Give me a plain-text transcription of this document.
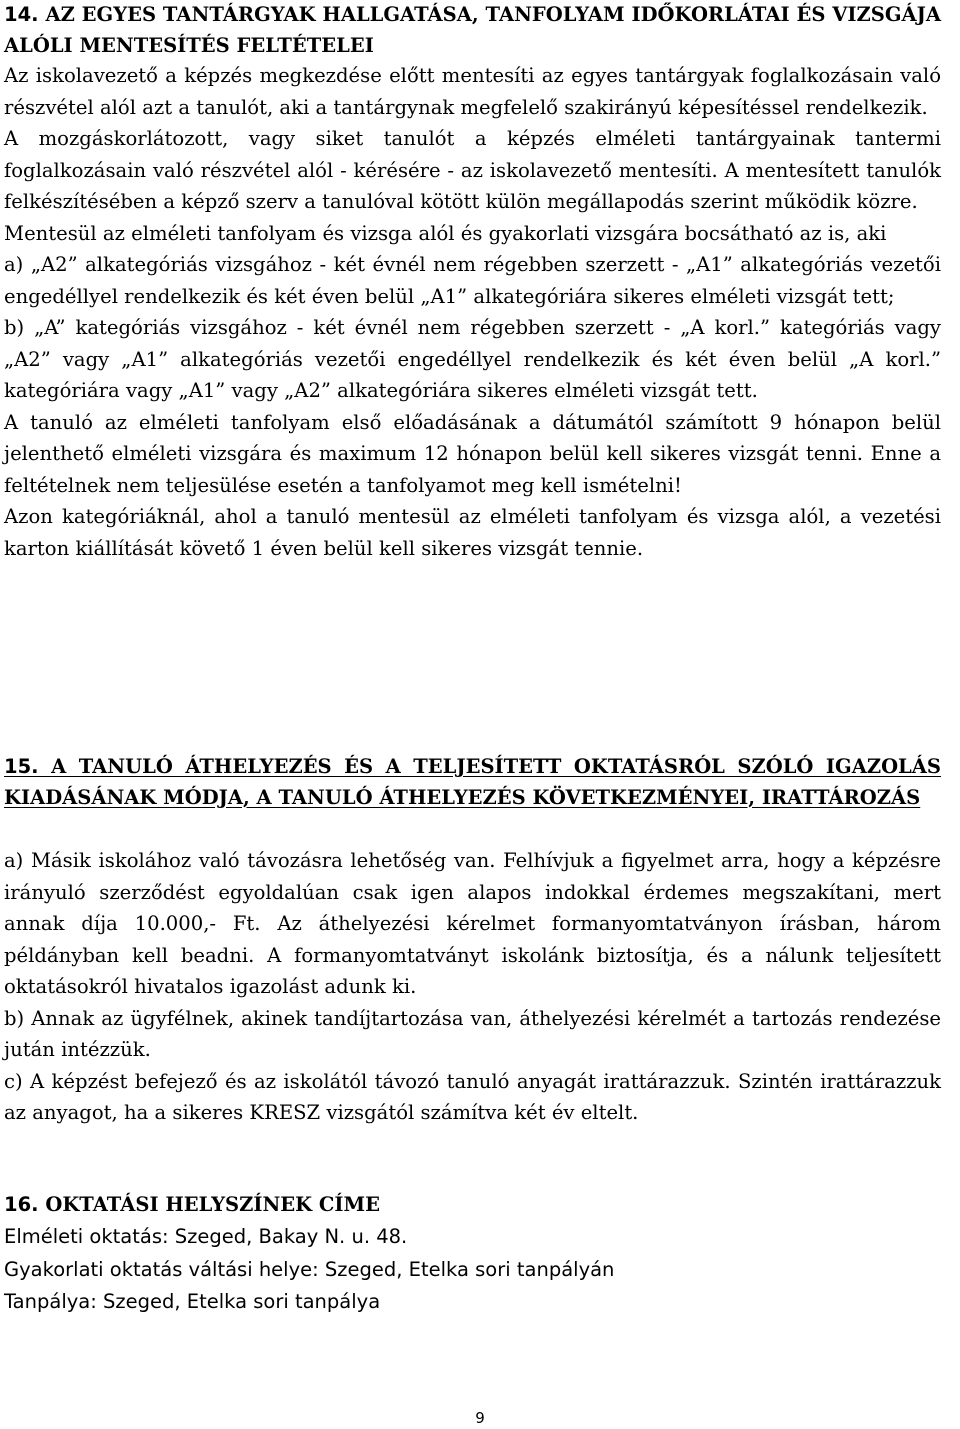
14. AZ EGYES TANTÁRGYAK HALLGATÁSA, TANFOLYAM IDŐKORLÁTAI ÉS VIZSGÁJA ALÓLI MENTESÍTÉS FELTÉTELEI

Az iskolavezető a képzés megkezdése előtt mentesíti az egyes tantárgyak foglalkozásain való részvétel alól azt a tanulót, aki a tantárgynak megfelelő szakirányú képesítéssel rendelkezik.

A mozgáskorlátozott, vagy siket tanulót a képzés elméleti tantárgyainak tantermi foglalkozásain való részvétel alól - kérésére - az iskolavezető mentesíti. A mentesített tanulók felkészítésében a képző szerv a tanulóval kötött külön megállapodás szerint működik közre.

Mentesül az elméleti tanfolyam és vizsga alól és gyakorlati vizsgára bocsátható az is, aki

a) „A2” alkategóriás vizsgához - két évnél nem régebben szerzett - „A1” alkategóriás vezetői engedéllyel rendelkezik és két éven belül „A1” alkategóriára sikeres elméleti vizsgát tett;

b) „A” kategóriás vizsgához - két évnél nem régebben szerzett - „A korl.” kategóriás vagy „A2” vagy „A1” alkategóriás vezetői engedéllyel rendelkezik és két éven belül „A korl.” kategóriára vagy „A1” vagy „A2” alkategóriára sikeres elméleti vizsgát tett.

A tanuló az elméleti tanfolyam első előadásának a dátumától számított 9 hónapon belül jelenthető elméleti vizsgára és maximum 12 hónapon belül kell sikeres vizsgát tenni. Enne a feltételnek nem teljesülése esetén a tanfolyamot meg kell ismételni!

Azon kategóriáknál, ahol a tanuló mentesül az elméleti tanfolyam és vizsga alól, a vezetési karton kiállítását követő 1 éven belül kell sikeres vizsgát tennie.

15. A TANULÓ ÁTHELYEZÉS ÉS A TELJESÍTETT OKTATÁSRÓL SZÓLÓ IGAZOLÁS KIADÁSÁNAK MÓDJA, A TANULÓ ÁTHELYEZÉS KÖVETKEZMÉNYEI, IRATTÁROZÁS

a) Másik iskolához való távozásra lehetőség van. Felhívjuk a figyelmet arra, hogy a képzésre irányuló szerződést egyoldalúan csak igen alapos indokkal érdemes megszakítani, mert annak díja 10.000,- Ft. Az áthelyezési kérelmet formanyomtatványon írásban, három példányban kell beadni. A formanyomtatványt iskolánk biztosítja, és a nálunk teljesített oktatásokról hivatalos igazolást adunk ki.

b) Annak az ügyfélnek, akinek tandíjtartozása van, áthelyezési kérelmét a tartozás rendezése jután intézzük.

c) A képzést befejező és az iskolától távozó tanuló anyagát irattárazzuk. Szintén irattárazzuk az anyagot, ha a sikeres KRESZ vizsgától számítva két év eltelt.

16. OKTATÁSI HELYSZÍNEK CÍME

Elméleti oktatás: Szeged, Bakay N. u. 48.

Gyakorlati oktatás váltási helye: Szeged, Etelka sori tanpályán

Tanpálya: Szeged, Etelka sori tanpálya

9
